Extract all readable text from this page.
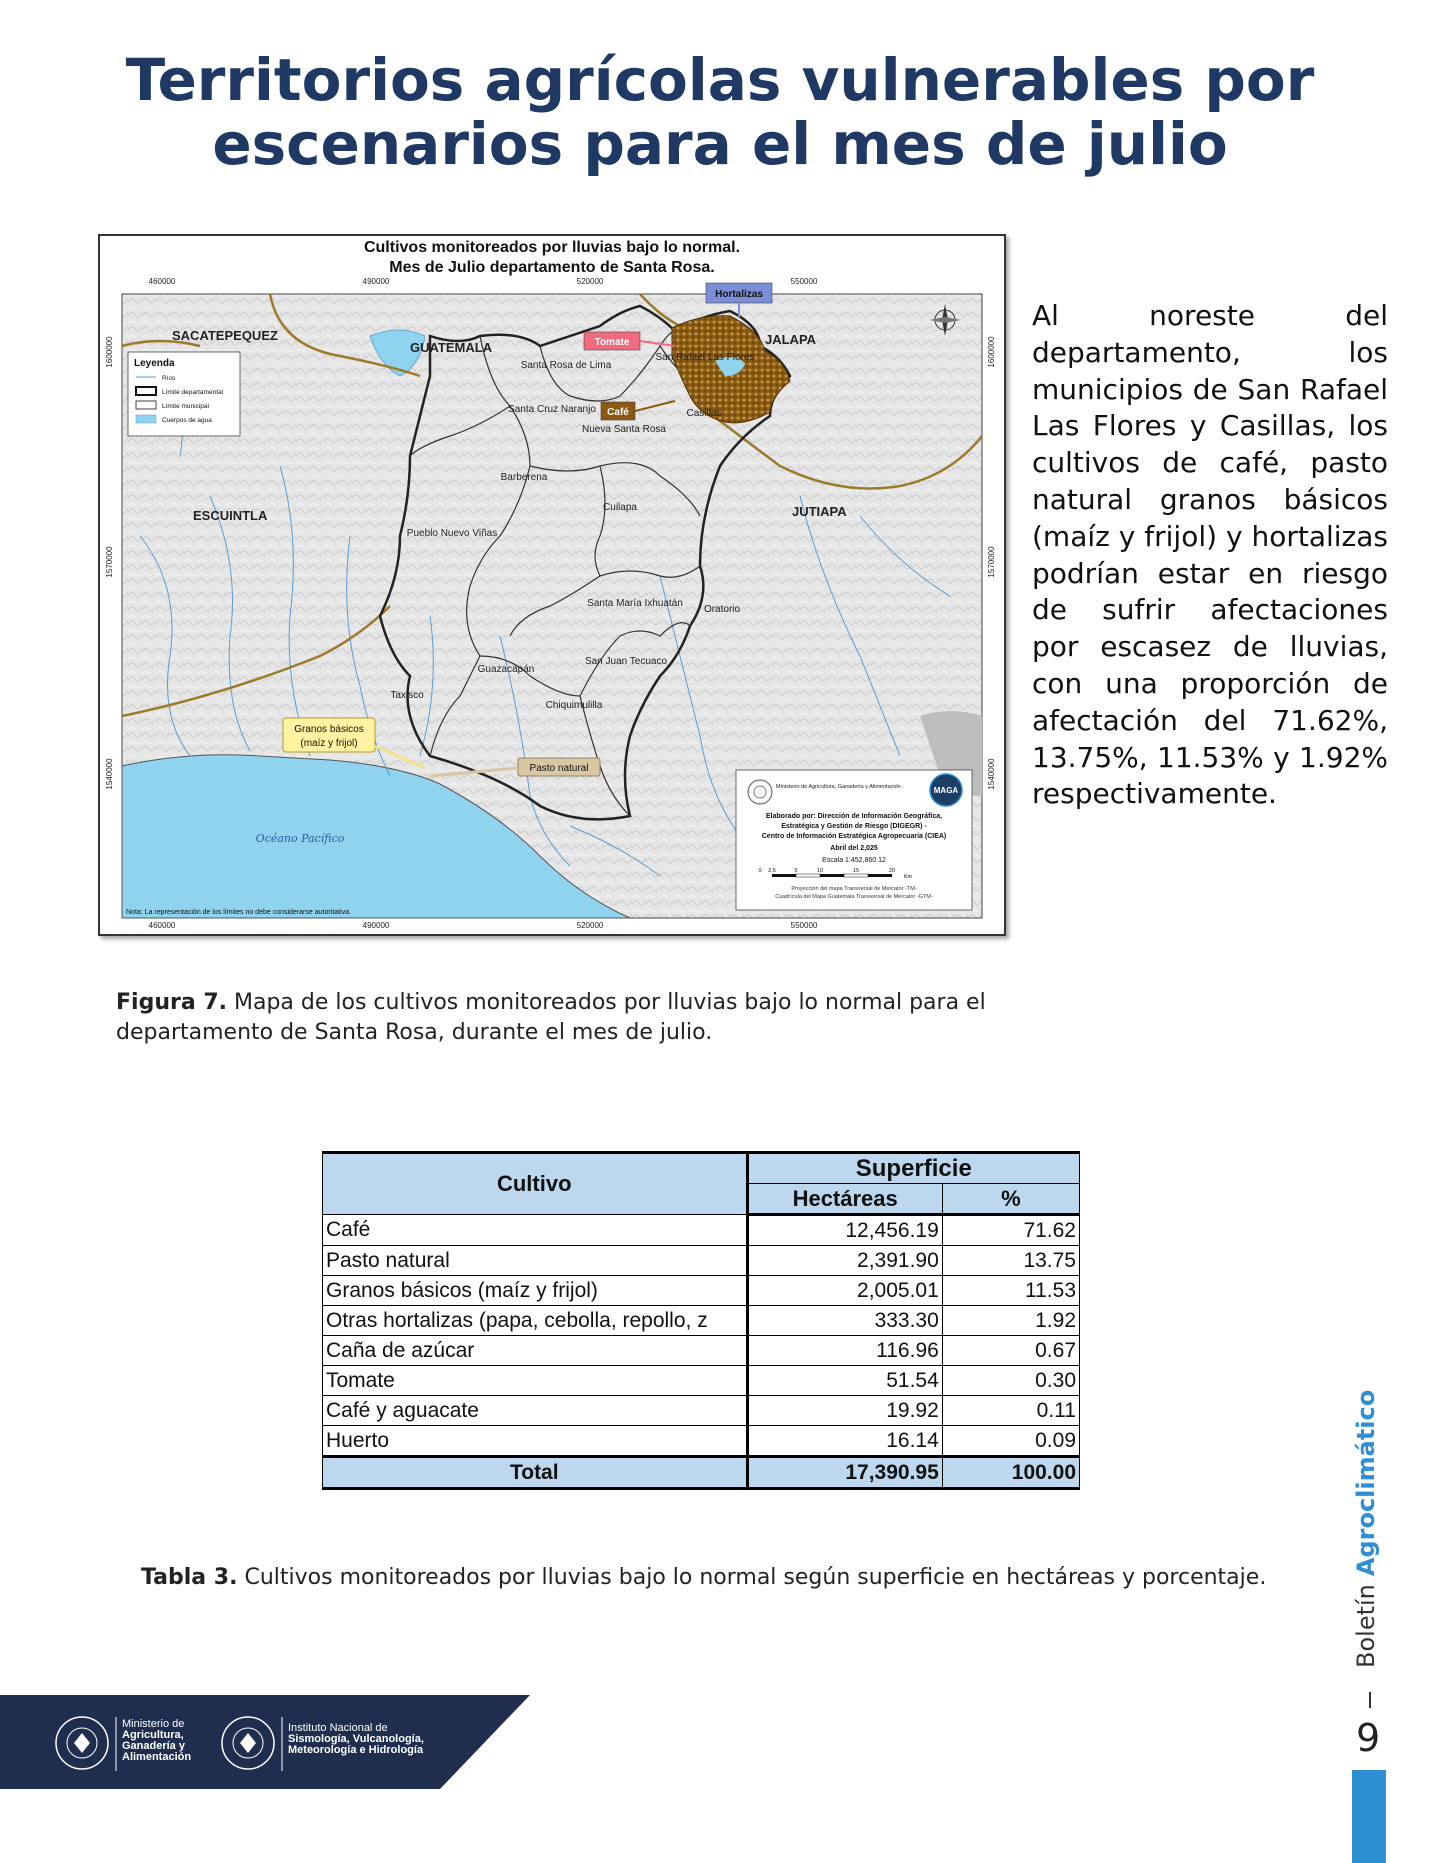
Territorios agrícolas vulnerables por
escenarios para el mes de julio
Cultivos monitoreados por lluvias bajo lo normal.
Mes de Julio departamento de Santa Rosa.
Hortalizas
Tomate
Café
Granos básicos
(maíz y frijol)
Pasto natural
SACATEPEQUEZ
GUATEMALA
JALAPA
ESCUINTLA	JUTIAPA
Santa Rosa de Lima
San Rafael Las Flores
Santa Cruz Naranjo
Nueva Santa Rosa
Casillas
Barberena
Cuilapa
Pueblo Nuevo Viñas
Santa María Ixhuatán
Oratorio
San Juan Tecuaco
Guazacapán
Taxisco
Chiquimulilla
Océano Pacífico
460000	490000	520000	550000
460000	490000	520000	550000
1600000
1570000
1540000
1600000
1570000
1540000
Leyenda
Ríos
Límite departamental
Límite municipal
Cuerpos de agua
Ministerio de Agricultura, Ganadería y Alimentación	MAGA
Elaborado por: Dirección de Información Geográfica,
Estratégica y Gestión de Riesgo (DIGEGR) -
Centro de Información Estratégica Agropecuaria (CIEA)
Abril del 2,025
Escala 1:452,860.12
0 2.5	5	10	15	20
Km
Proyección del mapa Transversal de Mercator -TM-
Cuadrícula del Mapa Guatemala Transversal de Mercator -GTM-
Nota: La representación de los límites no debe considerarse autoritativa.
Al noreste del departamento, los municipios de San Rafael Las Flores y Casillas, los cultivos de café, pasto natural granos básicos (maíz y frijol) y hortalizas podrían estar en riesgo de sufrir afectaciones por escasez de lluvias, con una proporción de afectación del 71.62%, 13.75%, 11.53% y 1.92% respectivamente.
Figura 7. Mapa de los cultivos monitoreados por lluvias bajo lo normal para el departamento de Santa Rosa, durante el mes de julio.
Cultivo	Superficie	
	Hectáreas	%
Café	12,456.19	71.62
Pasto natural	2,391.90	13.75
Granos básicos (maíz y frijol)	2,005.01	11.53
Otras hortalizas (papa, cebolla, repollo, z	333.30	1.92
Caña de azúcar	116.96	0.67
Tomate	51.54	0.30
Café y aguacate	19.92	0.11
Huerto	16.14	0.09
Total	17,390.95	100.00
Tabla 3. Cultivos monitoreados por lluvias bajo lo normal según superficie en hectáreas y porcentaje.
BoletínAgroclimático
9
Ministerio de
Agricultura,
Ganadería y
Alimentación
Instituto Nacional de
Sismología, Vulcanología,
Meteorología e Hidrología
